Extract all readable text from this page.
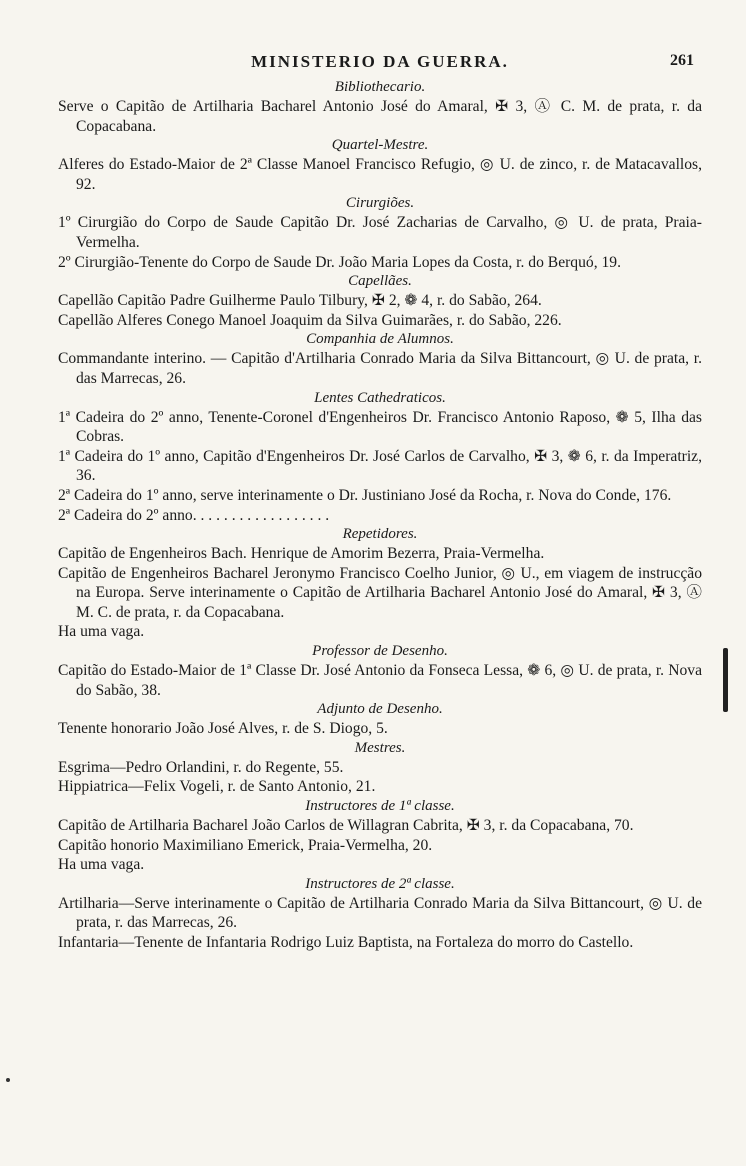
MINISTERIO DA GUERRA.	261

Bibliothecario.

Serve o Capitão de Artilharia Bacharel Antonio José do Amaral, ✠ 3, Ⓐ C. M. de prata, r. da Copacabana.

Quartel-Mestre.

Alferes do Estado-Maior de 2ª Classe Manoel Francisco Refugio, ◎ U. de zinco, r. de Matacavallos, 92.

Cirurgiões.

1º Cirurgião do Corpo de Saude Capitão Dr. José Zacharias de Carvalho, ◎ U. de prata, Praia-Vermelha.

2º Cirurgião-Tenente do Corpo de Saude Dr. João Maria Lopes da Costa, r. do Berquó, 19.

Capellães.

Capellão Capitão Padre Guilherme Paulo Tilbury, ✠ 2, ❁ 4, r. do Sabão, 264.

Capellão Alferes Conego Manoel Joaquim da Silva Guimarães, r. do Sabão, 226.

Companhia de Alumnos.

Commandante interino. — Capitão d'Artilharia Conrado Maria da Silva Bittancourt, ◎ U. de prata, r. das Marrecas, 26.

Lentes Cathedraticos.

1ª Cadeira do 2º anno, Tenente-Coronel d'Engenheiros Dr. Francisco Antonio Raposo, ❁ 5, Ilha das Cobras.

1ª Cadeira do 1º anno, Capitão d'Engenheiros Dr. José Carlos de Carvalho, ✠ 3, ❁ 6, r. da Imperatriz, 36.

2ª Cadeira do 1º anno, serve interinamente o Dr. Justiniano José da Rocha, r. Nova do Conde, 176.

2ª Cadeira do 2º anno. . . . . . . . . . . . . . . . . .

Repetidores.

Capitão de Engenheiros Bach. Henrique de Amorim Bezerra, Praia-Vermelha.

Capitão de Engenheiros Bacharel Jeronymo Francisco Coelho Junior, ◎ U., em viagem de instrucção na Europa. Serve interinamente o Capitão de Artilharia Bacharel Antonio José do Amaral, ✠ 3, Ⓐ M. C. de prata, r. da Copacabana.

Ha uma vaga.

Professor de Desenho.

Capitão do Estado-Maior de 1ª Classe Dr. José Antonio da Fonseca Lessa, ❁ 6, ◎ U. de prata, r. Nova do Sabão, 38.

Adjunto de Desenho.

Tenente honorario João José Alves, r. de S. Diogo, 5.

Mestres.

Esgrima—Pedro Orlandini, r. do Regente, 55.

Hippiatrica—Felix Vogeli, r. de Santo Antonio, 21.

Instructores de 1ª classe.

Capitão de Artilharia Bacharel João Carlos de Willagran Cabrita, ✠ 3, r. da Copacabana, 70.

Capitão honorio Maximiliano Emerick, Praia-Vermelha, 20.

Ha uma vaga.

Instructores de 2ª classe.

Artilharia—Serve interinamente o Capitão de Artilharia Conrado Maria da Silva Bittancourt, ◎ U. de prata, r. das Marrecas, 26.

Infantaria—Tenente de Infantaria Rodrigo Luiz Baptista, na Fortaleza do morro do Castello.
